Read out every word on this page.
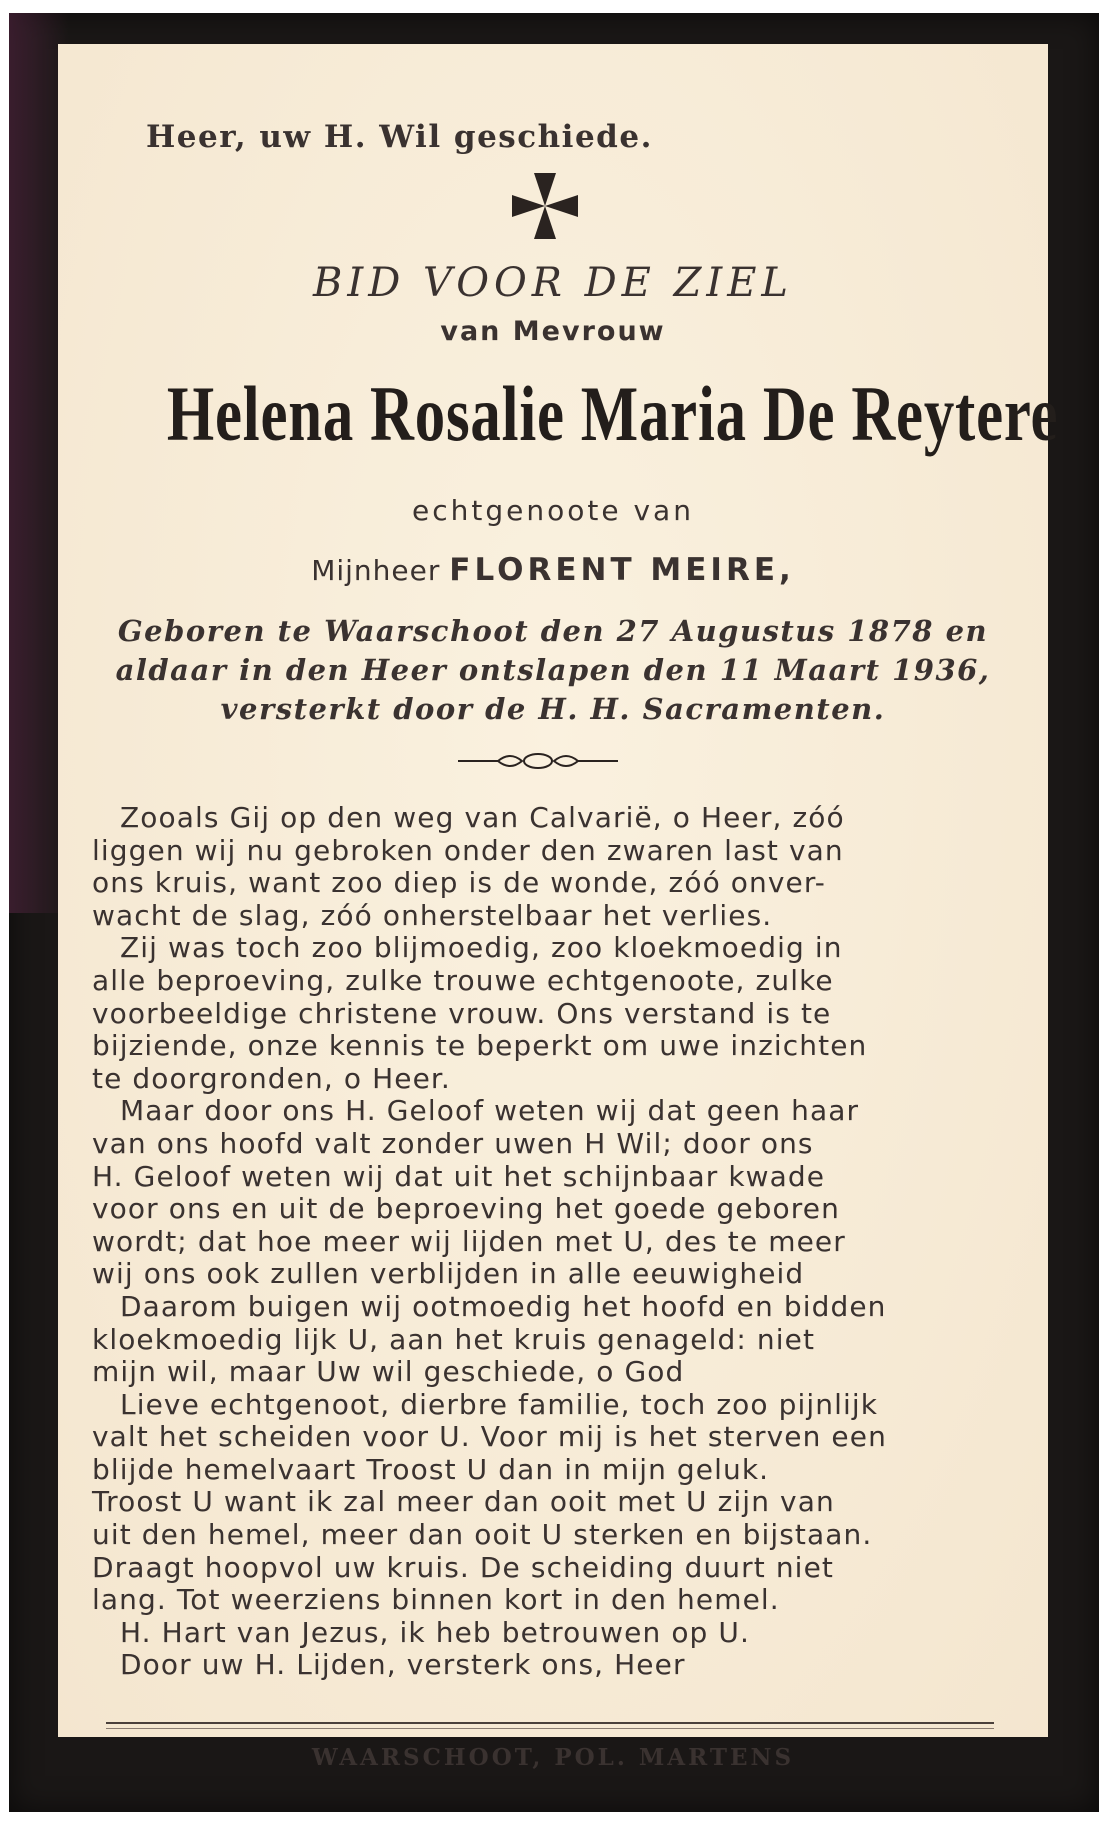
Heer, uw H. Wil geschiede.
BID VOOR DE ZIEL
van Mevrouw
Helena Rosalie Maria De Reytere
echtgenoote van
Mijnheer FLORENT MEIRE,
Geboren te Waarschoot den 27 Augustus 1878 en
aldaar in den Heer ontslapen den 11 Maart 1936,
versterkt door de H. H. Sacramenten.
Zooals Gij op den weg van Calvarië, o Heer, zóó
liggen wij nu gebroken onder den zwaren last van
ons kruis, want zoo diep is de wonde, zóó onver-
wacht de slag, zóó onherstelbaar het verlies.
Zij was toch zoo blijmoedig, zoo kloekmoedig in
alle beproeving, zulke trouwe echtgenoote, zulke
voorbeeldige christene vrouw. Ons verstand is te
bijziende, onze kennis te beperkt om uwe inzichten
te doorgronden, o Heer.
Maar door ons H. Geloof weten wij dat geen haar
van ons hoofd valt zonder uwen H Wil; door ons
H. Geloof weten wij dat uit het schijnbaar kwade
voor ons en uit de beproeving het goede geboren
wordt; dat hoe meer wij lijden met U, des te meer
wij ons ook zullen verblijden in alle eeuwigheid
Daarom buigen wij ootmoedig het hoofd en bidden
kloekmoedig lijk U, aan het kruis genageld: niet
mijn wil, maar Uw wil geschiede, o God
Lieve echtgenoot, dierbre familie, toch zoo pijnlijk
valt het scheiden voor U. Voor mij is het sterven een
blijde hemelvaart Troost U dan in mijn geluk.
Troost U want ik zal meer dan ooit met U zijn van
uit den hemel, meer dan ooit U sterken en bijstaan.
Draagt hoopvol uw kruis. De scheiding duurt niet
lang. Tot weerziens binnen kort in den hemel.
H. Hart van Jezus, ik heb betrouwen op U.
Door uw H. Lijden, versterk ons, Heer
WAARSCHOOT, POL. MARTENS
